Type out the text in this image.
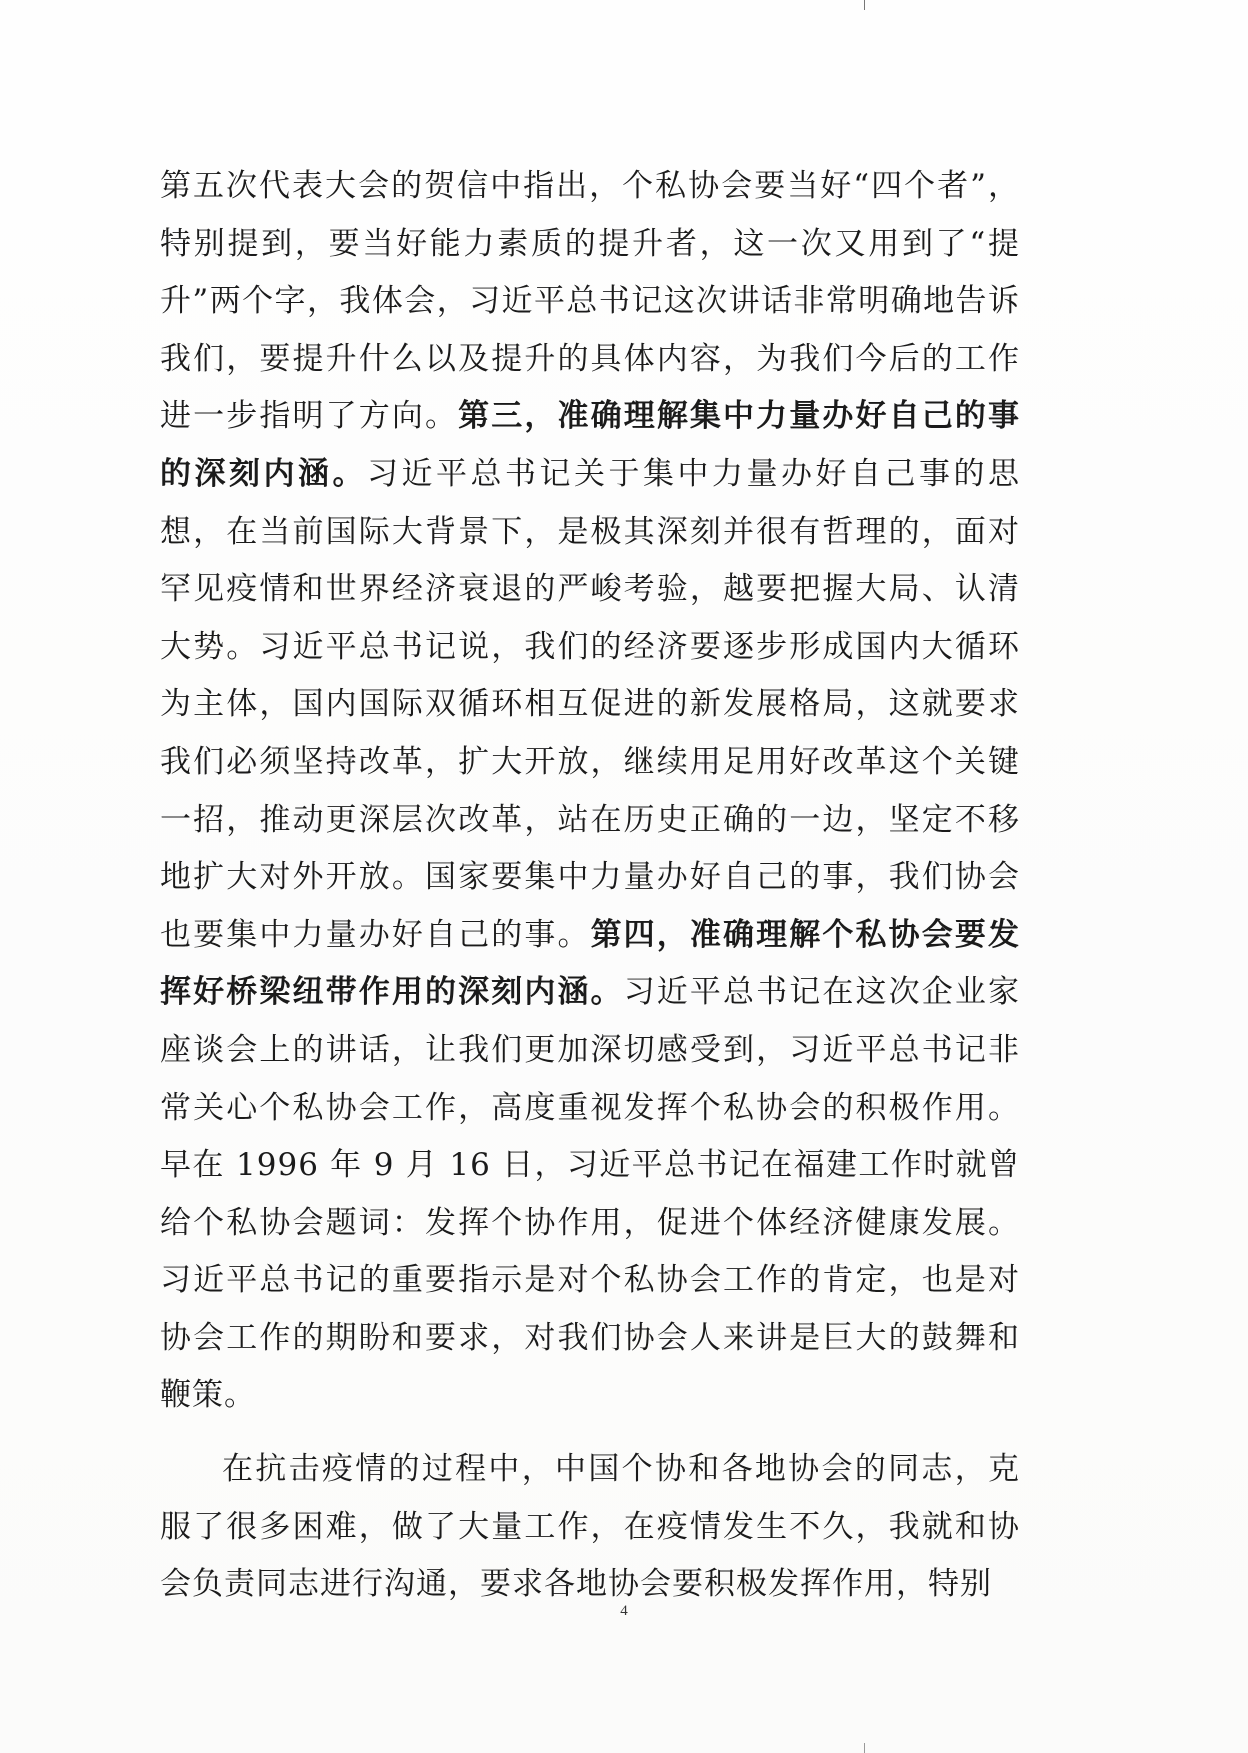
第五次代表大会的贺信中指出，个私协会要当好“四个者”，特别提到，要当好能力素质的提升者，这一次又用到了“提升”两个字，我体会，习近平总书记这次讲话非常明确地告诉我们，要提升什么以及提升的具体内容，为我们今后的工作进一步指明了方向。第三，准确理解集中力量办好自己的事的深刻内涵。习近平总书记关于集中力量办好自己事的思想，在当前国际大背景下，是极其深刻并很有哲理的，面对罕见疫情和世界经济衰退的严峻考验，越要把握大局、认清大势。习近平总书记说，我们的经济要逐步形成国内大循环为主体，国内国际双循环相互促进的新发展格局，这就要求我们必须坚持改革，扩大开放，继续用足用好改革这个关键一招，推动更深层次改革，站在历史正确的一边，坚定不移地扩大对外开放。国家要集中力量办好自己的事，我们协会也要集中力量办好自己的事。第四，准确理解个私协会要发挥好桥梁纽带作用的深刻内涵。习近平总书记在这次企业家座谈会上的讲话，让我们更加深切感受到，习近平总书记非常关心个私协会工作，高度重视发挥个私协会的积极作用。早在 1996 年 9 月 16 日，习近平总书记在福建工作时就曾给个私协会题词：发挥个协作用，促进个体经济健康发展。习近平总书记的重要指示是对个私协会工作的肯定，也是对协会工作的期盼和要求，对我们协会人来讲是巨大的鼓舞和鞭策。

在抗击疫情的过程中，中国个协和各地协会的同志，克服了很多困难，做了大量工作，在疫情发生不久，我就和协会负责同志进行沟通，要求各地协会要积极发挥作用，特别

4
